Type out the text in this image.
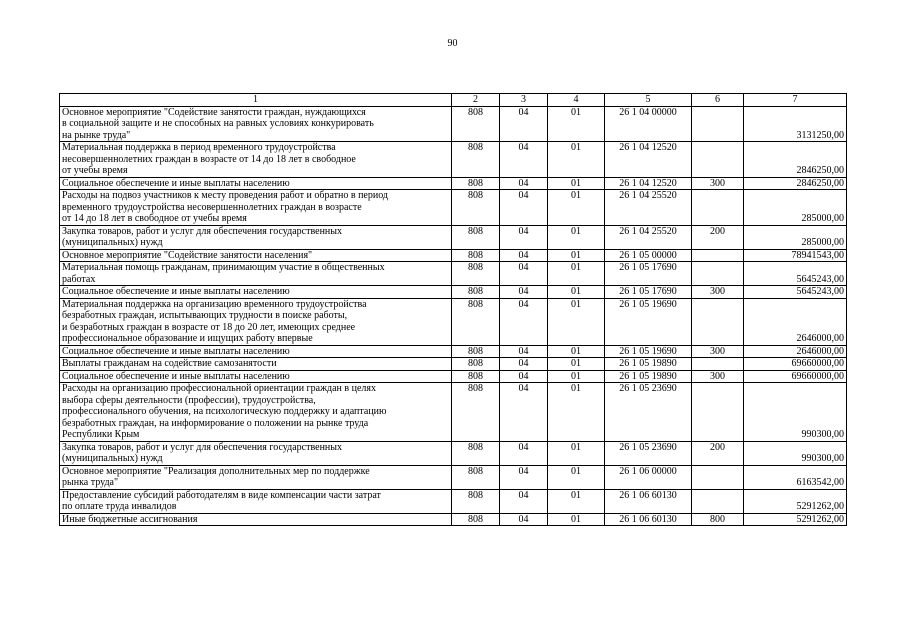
90
1	2	3	4	5	6	7

Основное мероприятие "Содействие занятости граждан, нуждающихся
в социальной защите и не способных на равных условиях конкурировать
на рынке труда"	808	04	01	26 1 04 00000		3131250,00

Материальная поддержка в период временного трудоустройства
несовершеннолетних граждан в возрасте от 14 до 18 лет в свободное
от учебы время	808	04	01	26 1 04 12520		2846250,00

Социальное обеспечение и иные выплаты населению	808	04	01	26 1 04 12520	300	2846250,00

Расходы на подвоз участников к месту проведения работ и обратно в период
временного трудоустройства несовершеннолетних граждан в возрасте
от 14 до 18 лет в свободное от учебы время	808	04	01	26 1 04 25520		285000,00

Закупка товаров, работ и услуг для обеспечения государственных
(муниципальных) нужд	808	04	01	26 1 04 25520	200	285000,00

Основное мероприятие "Содействие занятости населения"	808	04	01	26 1 05 00000		78941543,00

Материальная помощь гражданам, принимающим участие в общественных
работах	808	04	01	26 1 05 17690		5645243,00

Социальное обеспечение и иные выплаты населению	808	04	01	26 1 05 17690	300	5645243,00

Материальная поддержка на организацию временного трудоустройства
безработных граждан, испытывающих трудности в поиске работы,
и безработных граждан в возрасте от 18 до 20 лет, имеющих среднее
профессиональное образование и ищущих работу впервые	808	04	01	26 1 05 19690		2646000,00

Социальное обеспечение и иные выплаты населению	808	04	01	26 1 05 19690	300	2646000,00

Выплаты гражданам на содействие самозанятости	808	04	01	26 1 05 19890		69660000,00

Социальное обеспечение и иные выплаты населению	808	04	01	26 1 05 19890	300	69660000,00

Расходы на организацию профессиональной ориентации граждан в целях
выбора сферы деятельности (профессии), трудоустройства,
профессионального обучения, на психологическую поддержку и адаптацию
безработных граждан, на информирование о положении на рынке труда
Республики Крым	808	04	01	26 1 05 23690		990300,00

Закупка товаров, работ и услуг для обеспечения государственных
(муниципальных) нужд	808	04	01	26 1 05 23690	200	990300,00

Основное мероприятие "Реализация дополнительных мер по поддержке
рынка труда"	808	04	01	26 1 06 00000		6163542,00

Предоставление субсидий работодателям в виде компенсации части затрат
по оплате труда инвалидов	808	04	01	26 1 06 60130		5291262,00

Иные бюджетные ассигнования	808	04	01	26 1 06 60130	800	5291262,00
